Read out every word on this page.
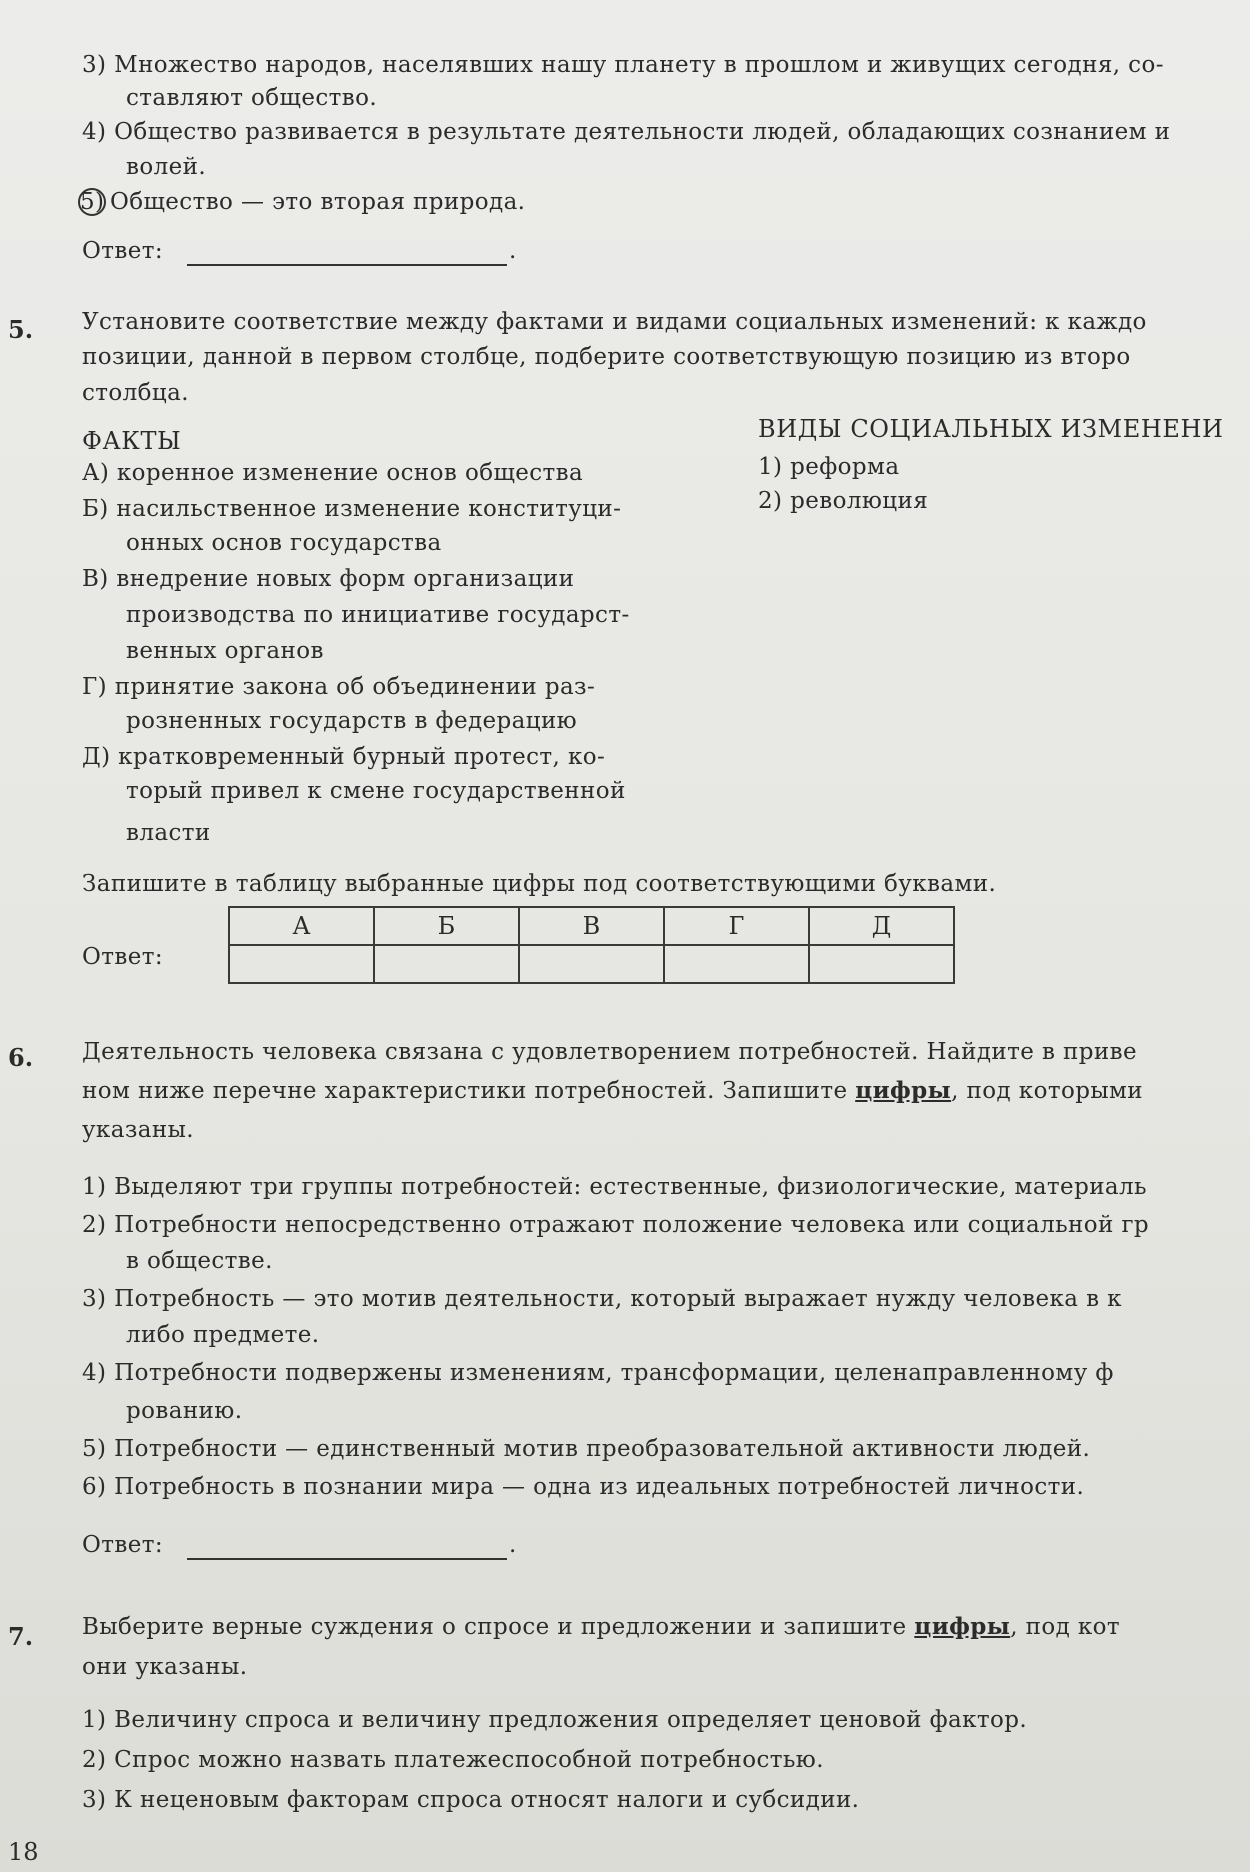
3) Множество народов, населявших нашу планету в прошлом и живущих сегодня, со-
ставляют общество.
4) Общество развивается в результате деятельности людей, обладающих сознанием и
волей.
5) Общество — это вторая природа.
Ответ:	.
5. Установите соответствие между фактами и видами социальных изменений: к каждо
позиции, данной в первом столбце, подберите соответствующую позицию из второ
столбца.
ФАКТЫ	ВИДЫ СОЦИАЛЬНЫХ ИЗМЕНЕНИ
А) коренное изменение основ общества
Б) насильственное изменение конституци-
онных основ государства
В) внедрение новых форм организации
производства по инициативе государст-
венных органов
Г) принятие закона об объединении раз-
розненных государств в федерацию
Д) кратковременный бурный протест, ко-
торый привел к смене государственной
власти
1) реформа
2) революция
Запишите в таблицу выбранные цифры под соответствующими буквами.
Ответ:
А	Б	В	Г	Д

6. Деятельность человека связана с удовлетворением потребностей. Найдите в приве
ном ниже перечне характеристики потребностей. Запишите цифры, под которыми
указаны.
1) Выделяют три группы потребностей: естественные, физиологические, материаль
2) Потребности непосредственно отражают положение человека или социальной гр
в обществе.
3) Потребность — это мотив деятельности, который выражает нужду человека в к
либо предмете.
4) Потребности подвержены изменениям, трансформации, целенаправленному ф
рованию.
5) Потребности — единственный мотив преобразовательной активности людей.
6) Потребность в познании мира — одна из идеальных потребностей личности.
Ответ:	.
7. Выберите верные суждения о спросе и предложении и запишите цифры, под кот
они указаны.
1) Величину спроса и величину предложения определяет ценовой фактор.
2) Спрос можно назвать платежеспособной потребностью.
3) К неценовым факторам спроса относят налоги и субсидии.
18
